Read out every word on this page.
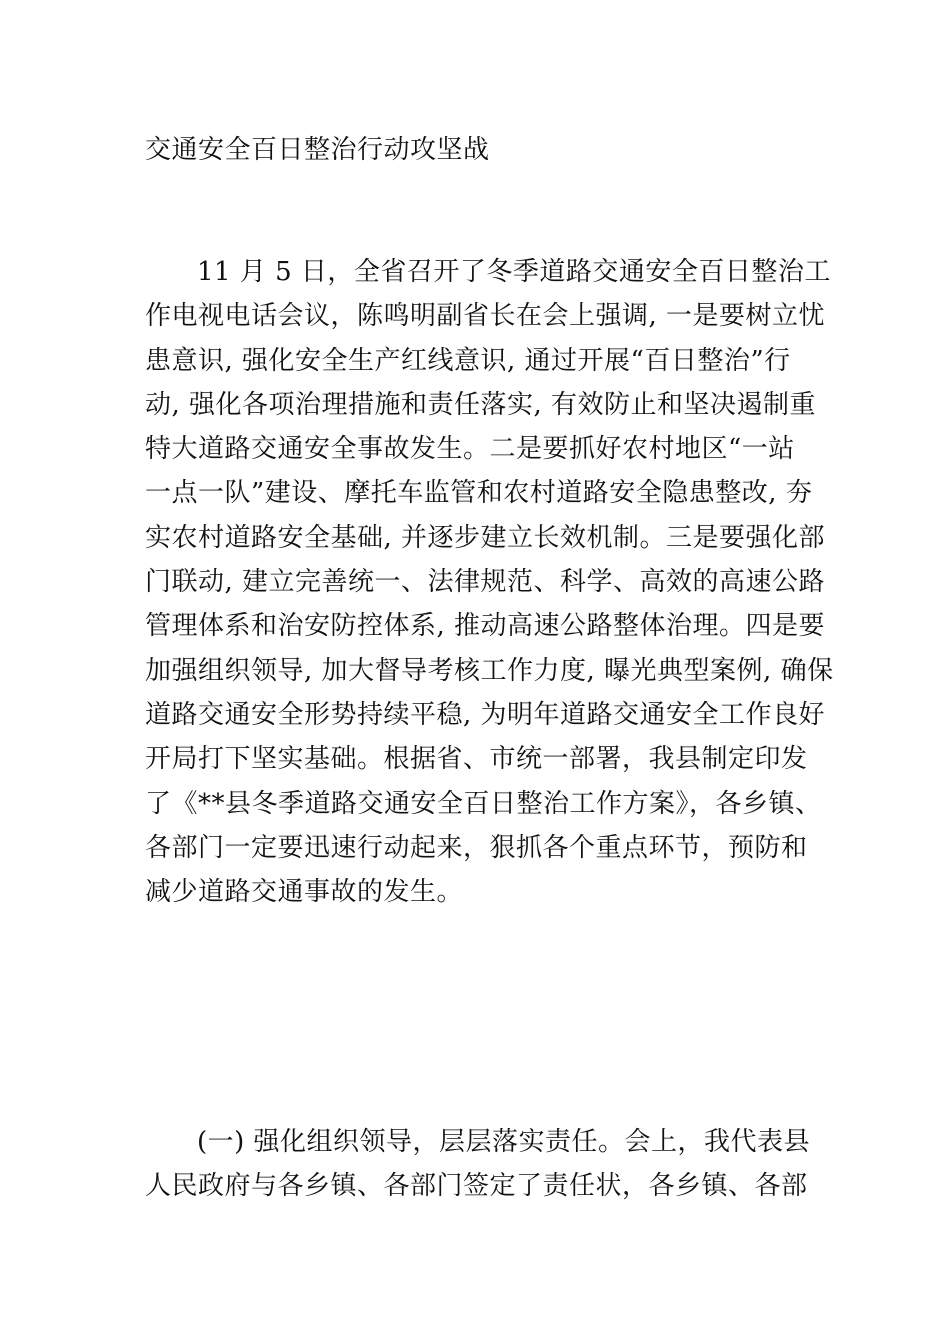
交通安全百日整治行动攻坚战
11 月 5 日，全省召开了冬季道路交通安全百日整治工
作电视电话会议，陈鸣明副省长在会上强调, 一是要树立忧
患意识, 强化安全生产红线意识, 通过开展“百日整治”行
动, 强化各项治理措施和责任落实, 有效防止和坚决遏制重
特大道路交通安全事故发生。二是要抓好农村地区“一站
一点一队”建设、摩托车监管和农村道路安全隐患整改, 夯
实农村道路安全基础, 并逐步建立长效机制。三是要强化部
门联动, 建立完善统一、法律规范、科学、高效的高速公路
管理体系和治安防控体系, 推动高速公路整体治理。四是要
加强组织领导, 加大督导考核工作力度, 曝光典型案例, 确保
道路交通安全形势持续平稳, 为明年道路交通安全工作良好
开局打下坚实基础。根据省、市统一部署，我县制定印发
了《**县冬季道路交通安全百日整治工作方案》，各乡镇、
各部门一定要迅速行动起来，狠抓各个重点环节，预防和
减少道路交通事故的发生。
(一) 强化组织领导，层层落实责任。会上，我代表县
人民政府与各乡镇、各部门签定了责任状，各乡镇、各部
